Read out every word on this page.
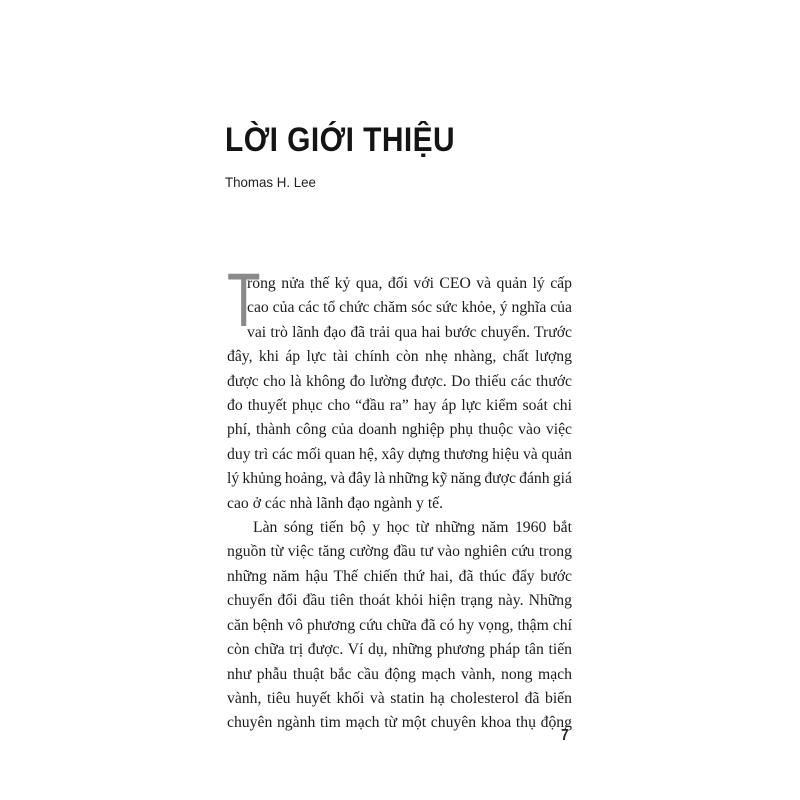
LỜI GIỚI THIỆU
Thomas H. Lee
T

rong nửa thế kỷ qua, đối với CEO và quản lý cấp
cao của các tổ chức chăm sóc sức khỏe, ý nghĩa của
vai trò lãnh đạo đã trải qua hai bước chuyển. Trước
đây, khi áp lực tài chính còn nhẹ nhàng, chất lượng
được cho là không đo lường được. Do thiếu các thước
đo thuyết phục cho “đầu ra” hay áp lực kiểm soát chi
phí, thành công của doanh nghiệp phụ thuộc vào việc
duy trì các mối quan hệ, xây dựng thương hiệu và quản
lý khủng hoảng, và đây là những kỹ năng được đánh giá
cao ở các nhà lãnh đạo ngành y tế.

Làn sóng tiến bộ y học từ những năm 1960 bắt
nguồn từ việc tăng cường đầu tư vào nghiên cứu trong
những năm hậu Thế chiến thứ hai, đã thúc đẩy bước
chuyển đổi đầu tiên thoát khỏi hiện trạng này. Những
căn bệnh vô phương cứu chữa đã có hy vọng, thậm chí
còn chữa trị được. Ví dụ, những phương pháp tân tiến
như phẫu thuật bắc cầu động mạch vành, nong mạch
vành, tiêu huyết khối và statin hạ cholesterol đã biến
chuyên ngành tim mạch từ một chuyên khoa thụ động

7
